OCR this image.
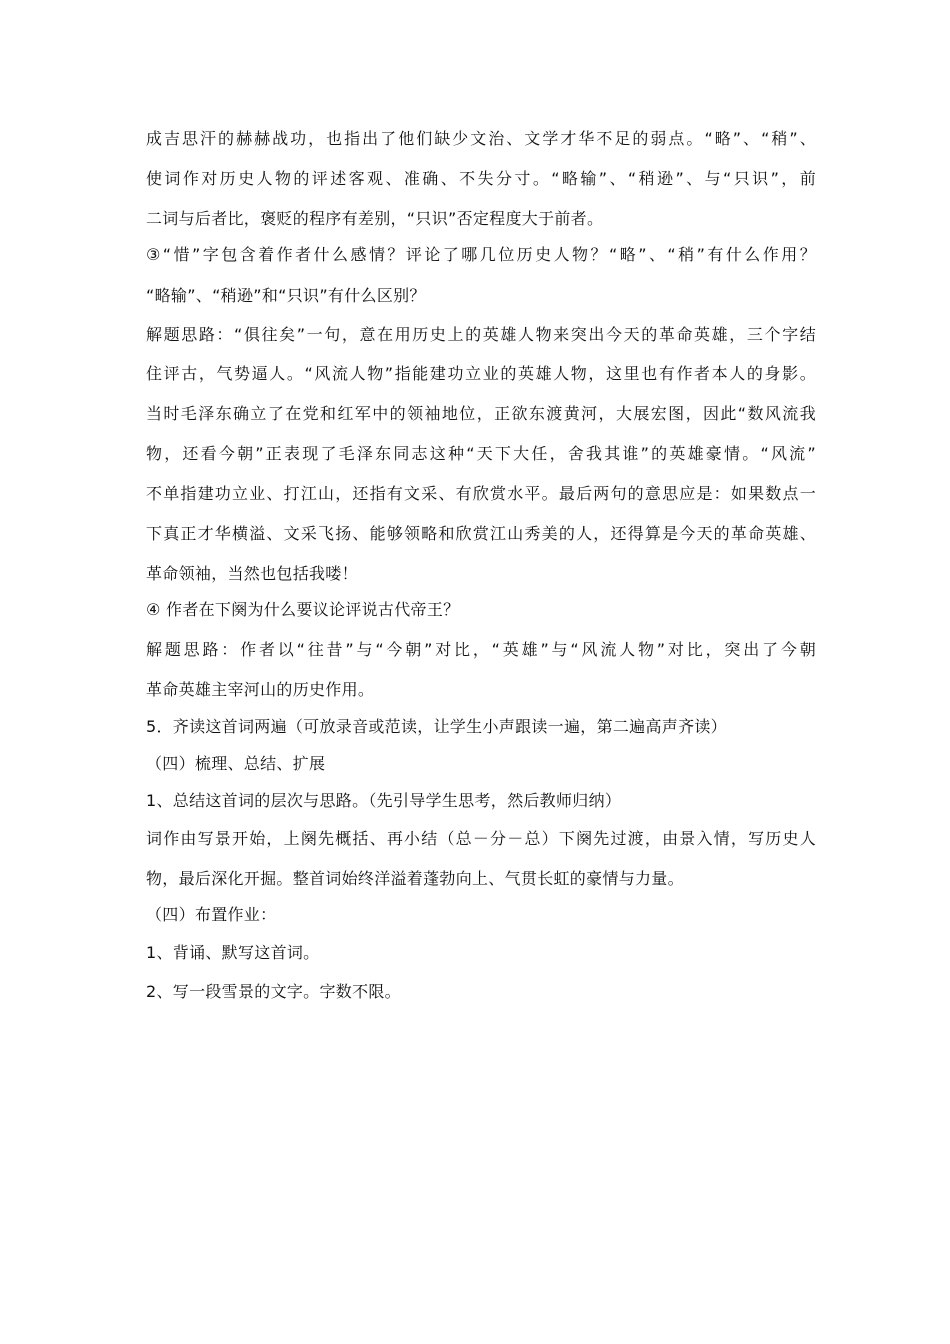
成吉思汗的赫赫战功，也指出了他们缺少文治、文学才华不足的弱点。“略”、“稍”、
使词作对历史人物的评述客观、准确、不失分寸。“略输”、“稍逊”、与“只识”，前
二词与后者比，褒贬的程序有差别，“只识”否定程度大于前者。
③“惜”字包含着作者什么感情？评论了哪几位历史人物？“略”、“稍”有什么作用？
“略输”、“稍逊”和“只识”有什么区别？
解题思路：“俱往矣”一句，意在用历史上的英雄人物来突出今天的革命英雄，三个字结
住评古，气势逼人。“风流人物”指能建功立业的英雄人物，这里也有作者本人的身影。
当时毛泽东确立了在党和红军中的领袖地位，正欲东渡黄河，大展宏图，因此“数风流我
物，还看今朝”正表现了毛泽东同志这种“天下大任，舍我其谁”的英雄豪情。“风流”
不单指建功立业、打江山，还指有文采、有欣赏水平。最后两句的意思应是：如果数点一
下真正才华横溢、文采飞扬、能够领略和欣赏江山秀美的人，还得算是今天的革命英雄、
革命领袖，当然也包括我喽！
④ 作者在下阕为什么要议论评说古代帝王？
解题思路：作者以“往昔”与“今朝”对比，“英雄”与“风流人物”对比，突出了今朝
革命英雄主宰河山的历史作用。
5．齐读这首词两遍（可放录音或范读，让学生小声跟读一遍，第二遍高声齐读）
（四）梳理、总结、扩展
1、总结这首词的层次与思路。（先引导学生思考，然后教师归纳）
词作由写景开始，上阕先概括、再小结（总－分－总）下阕先过渡，由景入情，写历史人
物，最后深化开掘。整首词始终洋溢着蓬勃向上、气贯长虹的豪情与力量。
（四）布置作业：
1、背诵、默写这首词。
2、写一段雪景的文字。字数不限。
